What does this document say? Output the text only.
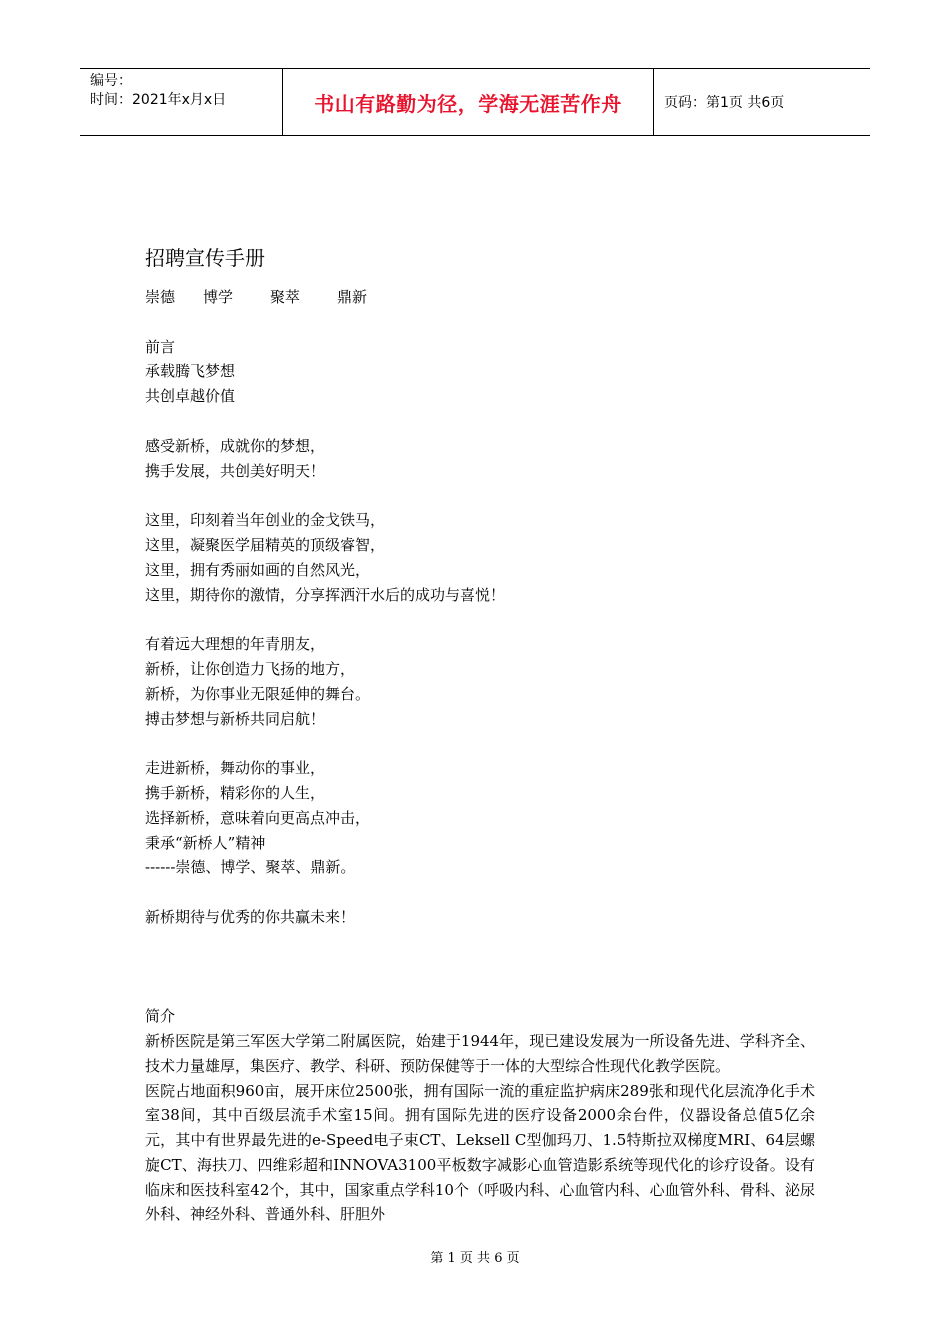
编号：
时间：2021年x月x日	书山有路勤为径，学海无涯苦作舟	页码：第1页 共6页
招聘宣传手册
崇德	博学	聚萃	鼎新
前言
承载腾飞梦想
共创卓越价值
感受新桥，成就你的梦想，
携手发展，共创美好明天！
这里，印刻着当年创业的金戈铁马，
这里，凝聚医学届精英的顶级睿智，
这里，拥有秀丽如画的自然风光，
这里，期待你的激情，分享挥洒汗水后的成功与喜悦！
有着远大理想的年青朋友，
新桥，让你创造力飞扬的地方，
新桥，为你事业无限延伸的舞台。
搏击梦想与新桥共同启航！
走进新桥，舞动你的事业，
携手新桥，精彩你的人生，
选择新桥，意味着向更高点冲击，
秉承“新桥人”精神
------崇德、博学、聚萃、鼎新。
新桥期待与优秀的你共赢未来！
简介

新桥医院是第三军医大学第二附属医院，始建于1944年，现已建设发展为一所设备先进、学科齐全、技术力量雄厚，集医疗、教学、科研、预防保健等于一体的大型综合性现代化教学医院。

医院占地面积960亩，展开床位2500张，拥有国际一流的重症监护病床289张和现代化层流净化手术室38间，其中百级层流手术室15间。拥有国际先进的医疗设备2000余台件，仪器设备总值5亿余元，其中有世界最先进的e-Speed电子束CT、Leksell C型伽玛刀、1.5特斯拉双梯度MRI、64层螺旋CT、海扶刀、四维彩超和INNOVA3100平板数字减影心血管造影系统等现代化的诊疗设备。设有临床和医技科室42个，其中，国家重点学科10个（呼吸内科、心血管内科、心血管外科、骨科、泌尿外科、神经外科、普通外科、肝胆外

第 1 页 共 6 页
